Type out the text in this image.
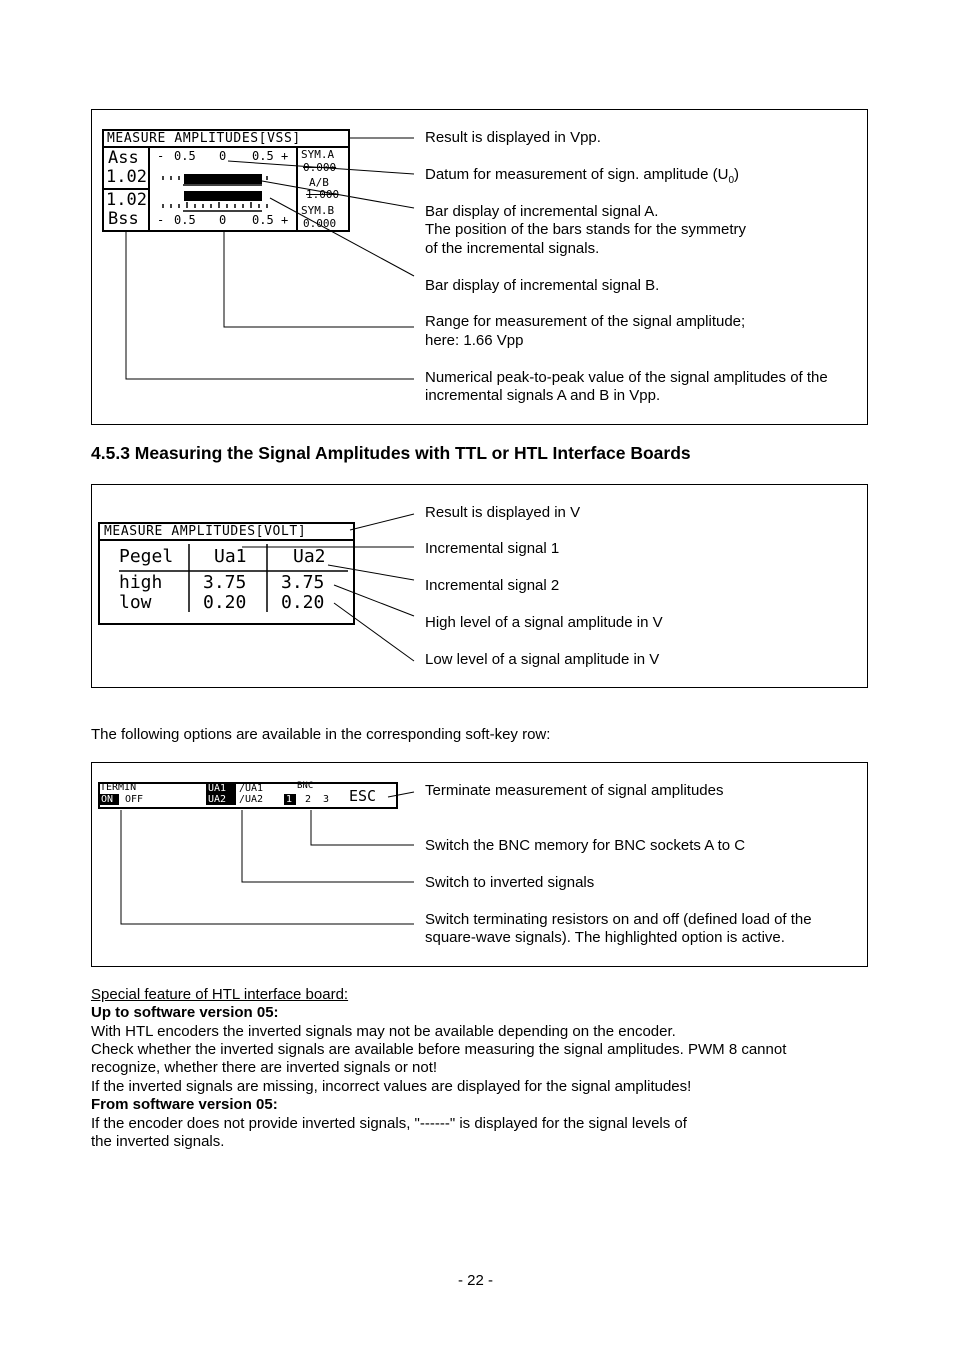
MEASURE AMPLITUDES[VSS]
Ass
1.02
1.02
Bss
- 0.5 0 0.5 +
- 0.5 0 0.5 +
SYM.A
0.000
A/B
1.000
SYM.B
0.000
Result is displayed in Vpp.
Datum for measurement of sign. amplitude $(U_0)$
Bar display of incremental signal A.
The position of the bars stands for the symmetry
of the incremental signals.
Bar display of incremental signal B.
Range for measurement of the signal amplitude;
here: 1.66 Vpp
Numerical peak-to-peak value of the signal amplitudes of the
incremental signals A and B in Vpp.
4.5.3 Measuring the Signal Amplitudes with TTL or HTL Interface Boards
MEASURE AMPLITUDES[VOLT]
Pegel Ua1	Ua2
high
low
3.75
0.20
3.75
0.20
Result is displayed in V
Incremental signal 1
Incremental signal 2
High level of a signal amplitude in V
Low level of a signal amplitude in V
The following options are available in the corresponding soft-key row:
TERMIN
ON OFF
UA1 /UA1
UA2 /UA2
BNC
1 2 3 ESC	Terminate measurement of signal amplitudes
Switch the BNC memory for BNC sockets A to C
Switch to inverted signals
Switch terminating resistors on and off (defined load of the
square-wave signals). The highlighted option is active.
Special feature of HTL interface board:
Up to software version 05:
With HTL encoders the inverted signals may not be available depending on the encoder.
Check whether the inverted signals are available before measuring the signal amplitudes. PWM 8 cannot
recognize, whether there are inverted signals or not!
If the inverted signals are missing, incorrect values are displayed for the signal amplitudes!
From software version 05:
If the encoder does not provide inverted signals, "------" is displayed for the signal levels of
the inverted signals.
- 22 -
